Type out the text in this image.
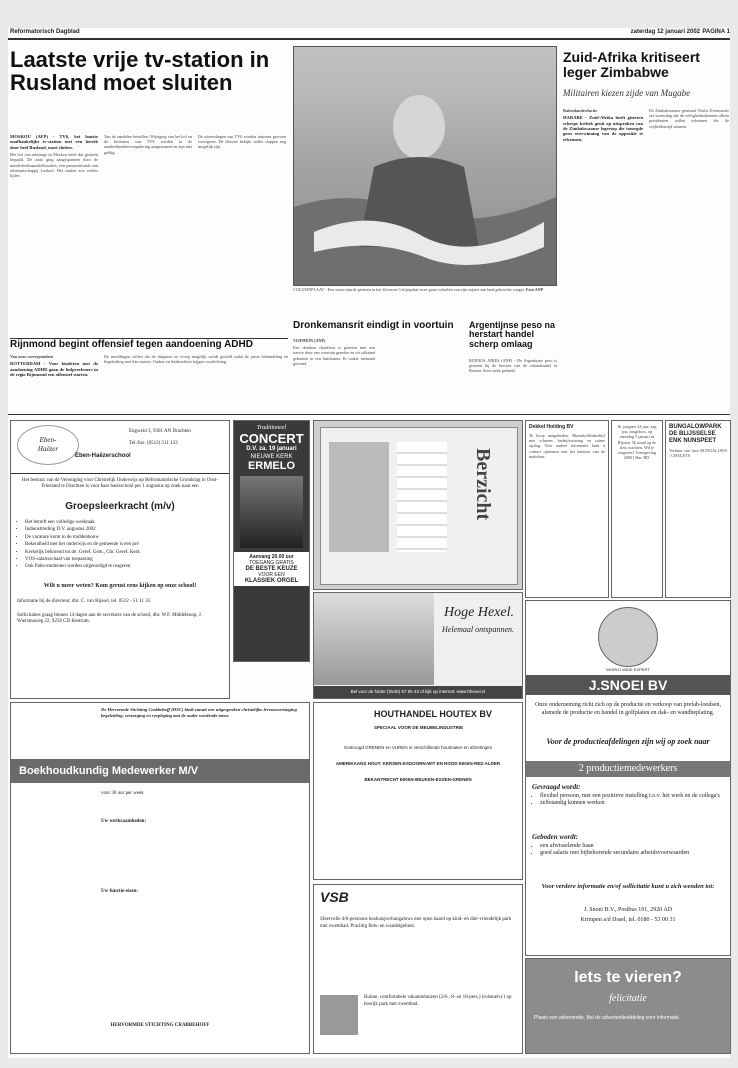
Reformatorisch Dagblad	zaterdag 12 januari 2002 PAGINA 1
Laatste vrije tv-station in Rusland moet sluiten

MOSKOU (AFP) - TV6, het laatste onafhankelijke tv-station met een bereik door heel Rusland, moet sluiten.

Het hof van arbitrage in Moskou heeft dat gisteren bepaald. De zaak ging aangespannen door de minderheidsaandeelhouders, een pensioenfonds van oliemaatschappij Loekoil. Het station zou verlies lijden.

Van de aandelen bestellen. Wijziging van het hof en de besluiten van TV6 werden in de aandeelhoudersvergadering aangenomen en zijn niet geldig.

De uitzendingen van TV6 worden intussen gewoon voortgezet. De directie bekijkt welke stappen nog mogelijk zijn.

COLUMNPLAAT - Een visser tuurde gisteren in het Zeeuwse Colijnsplaat twee grote schoffen van zijn zojuist aan land gebrachte vangst. Foto ANP
Zuid-Afrika kritiseert leger Zimbabwe
Militairen kiezen zijde van Mugabe

Buitenlandredactie

HARARE - Zuid-Afrika heeft gisteren scherpe kritiek geuit op uitspraken van de Zimbabwaanse legertop die toezegde geen overwinning van de oppositie te erkennen.

De Zimbabwaanse generaal Vitalis Zvinavashe zei woensdag dat de veiligheidsdiensten alleen presidenten zullen erkennen die de vrijheidsstrijd steunen.

Dronkemansrit eindigt in voortuin

VIJFHEIN (ANP)

Een dronken chauffeur is gisteren met een tractor door een voortuin gereden en tot stilstand gekomen in een huiskamer. Er raakte niemand gewond.

Argentijnse peso na herstart handel scherp omlaag

BUENOS AIRES (ANP) - De Argentijnse peso is gisteren bij de herstart van de valutahandel in Buenos Aires sterk gedaald.

Rijnmond begint offensief tegen aandoening ADHD

Van onze correspondent

ROTTERDAM - Voor kinderen met de aandoening ADHD gaan de hulpverleners in de regio Rijnmond een offensief starten.

De instellingen willen dat de diagnose zo vroeg mogelijk wordt gesteld zodat de juiste behandeling en begeleiding snel kan starten. Ouders en leerkrachten krijgen voorlichting.

Eben-
Haëzer
Eben-Haëzerschool
Engweid 3, 9301 AN Drachten
Tel./fax: (0512) 511 133
Het bestuur van de Vereniging voor Christelijk Onderwijs op Reformatorische Grondslag in Oost-Friesland te Drachten is voor haar basisschool per 1 augustus op zoek naar een
Groepsleerkracht (m/v)
• Het betreft een volledige weektaak
• Indiensttreding D.V. augustus 2002
• De vacature komt in de middenbouw
• Bekendheid met het onderwijs en de gemeente is een pré
• Kerkelijk behorend tot de: Geref. Gem., Chr. Geref. Kerk
• VOS-salarisschaal van toepassing
• Ook Pabo-studenten worden uitgenodigd te reageren
Wilt u meer weten? Kom gerust eens kijken op onze school!
Informatie bij de directeur, dhr. C. van Rijssel, tel. 0512 - 51 11 33
Sollicitaties graag binnen 14 dagen aan de secretaris van de school, dhr. W.F. Middelkoop, J. Wiersmaweg 22, 9258 CD Kestrum.
Traditioneel
CONCERT
D.V. za. 19 januari
NIEUWE KERK
ERMELO
Aanvang 20.00 uur
TOEGANG GRATIS
DE BESTE KEUZE
VOOR EEN
KLASSIEK ORGEL
Berzicht
Dekkel Holding BV
Te koop aangeboden: Bloembollenbedrijf met schuren, bedrijfswoning en ruime opslag. Voor nadere informatie kunt u contact opnemen met het kantoor van de makelaar.
Ik, jongens 24 jaar, zag jou, zangeloos, op zaterdag 5 januari in Rijssen. Ik stond op de fiets wachten. Wil je reageren? Vormgeving 20001 Bur. RD.
BUNGALOWPARK DE BLIJSSELSE ENK NUNSPEET
Verhuur van luxe BUNGALOWS / CHALETS
Hoge Hexel.
Helemaal ontspannen.
Bel voor de folder (0546) 57 90 43 of kijk op internet: www.hhexel.nl
WORLD WIDE EXPERT
J.SNOEI BV
Onze onderneming richt zich op de productie en verkoop van prefab-loodsen, alsmede de productie en handel in golfplaten en dak- en wandbeplating.
Voor de productieafdelingen zijn wij op zoek naar
2 productiemedewerkers
Gevraagd wordt:
• flexibel persoon, met een positieve instelling t.o.v. het werk en de collega's
• zelfstandig kunnen werken
Geboden wordt:
• een afwisselende baan
• goed salaris met bijbehorende secundaire arbeidsvoorwaarden
Voor verdere informatie en/of sollicitatie kunt u zich wenden tot:
J. Snoei B.V., Postbus 191, 2920 AD
Krimpen a/d IJssel, tel. 0180 - 53 00 31
De Hervormde Stichting Crabbehoff (HSC) biedt vanuit een uitgesproken christelijke levensovertuiging begeleiding, verzorging en verpleging aan de ouder wordende mens.
Boekhoudkundig Medewerker M/V
voor 30 uur per week
Uw werkzaamheden:
Uw functie-eisen:
HERVORMDE STICHTING CRABBEHOFF
HOUTHANDEL HOUTEX BV
SPECIAAL VOOR DE MEUBELINDUSTRIE
Gedroogd GRENEN en VUREN in verschillende houtmaten en afmetingen
AMERIKAANS HOUT: KERSEN-ESDOORN-WIT EN ROOD EIKEN-RED ALDER
BEKANTRECHT EIKEN-BEUKEN-ESSEN-GRENEN
VSB
Sfeervolle 4/6-persoons boshuisjes/bungalows met open haard op kind- en dier-vriendelijk park met zwembad. Prachtig fiets- en wandelgebied.
Ruime, comfortabele vakantiehuizen (2/6-, 8- en 10-pers.) (rolstoelvr.) op bosrijk park met zwembad.
Iets te vieren?
felicitatie
Plaats een advertentie. Bel de advertentieafdeling voor informatie.
